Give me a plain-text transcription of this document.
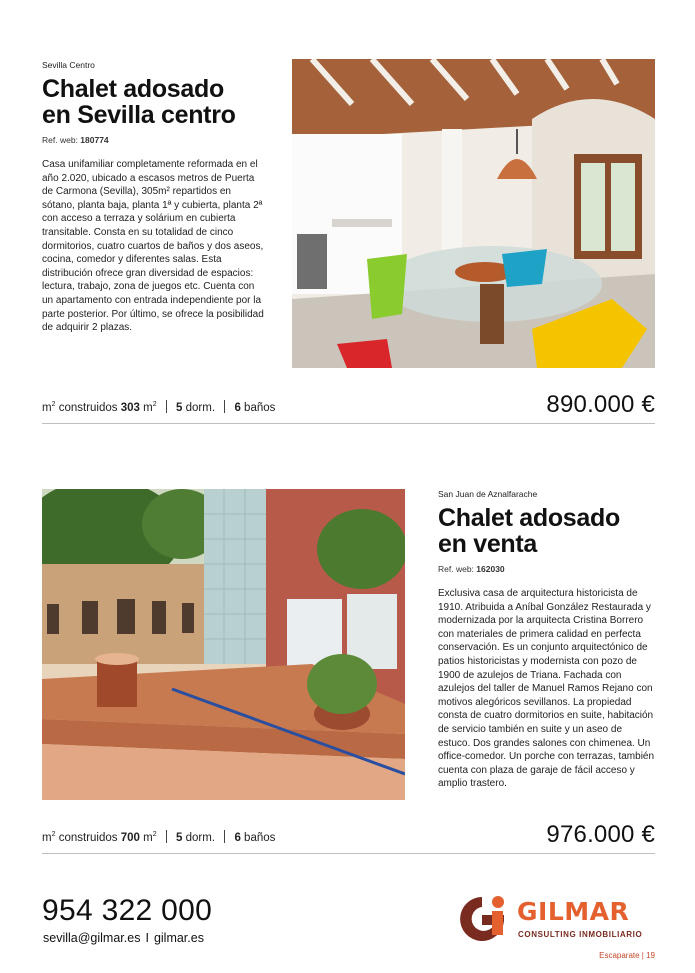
Sevilla Centro
Chalet adosado
en Sevilla centro
Ref. web: 180774

Casa unifamiliar completamente reformada en el año 2.020, ubicado a escasos metros de Puerta de Carmona (Sevilla), 305m² repartidos en sótano, planta baja, planta 1ª y cubierta, planta 2ª con acceso a terraza y solárium en cubierta transitable. Consta en su totalidad de cinco dormitorios, cuatro cuartos de baños y dos aseos, cocina, comedor y diferentes salas. Esta distribución ofrece gran diversidad de espacios: lectura, trabajo, zona de juegos etc. Cuenta con un apartamento con entrada independiente por la parte posterior. Por último, se ofrece la posibilidad de adquirir 2 plazas.

$m^2$ construidos 303 $m^2$ 5 dorm. 6 baños	890.000 €
San Juan de Aznalfarache
Chalet adosado
en venta
Ref. web: 162030

Exclusiva casa de arquitectura historicista de 1910. Atribuida a Aníbal González Restaurada y modernizada por la arquitecta Cristina Borrero con materiales de primera calidad en perfecta conservación. Es un conjunto arquitectónico de patios historicistas y modernista con pozo de 1900 de azulejos de Triana. Fachada con azulejos del taller de Manuel Ramos Rejano con motivos alegóricos sevillanos. La propiedad consta de cuatro dormitorios en suite, habitación de servicio también en suite y un aseo de estuco. Dos grandes salones con chimenea. Un office-comedor. Un porche con terrazas, también cuenta con plaza de garaje de fácil acceso y amplio trastero.

$m^2$ construidos 700 $m^2$ 5 dorm. 6 baños	976.000 €
954 322 000
sevilla@gilmar.es I gilmar.es
GILMAR
CONSULTING INMOBILIARIO
Escaparate | 19
